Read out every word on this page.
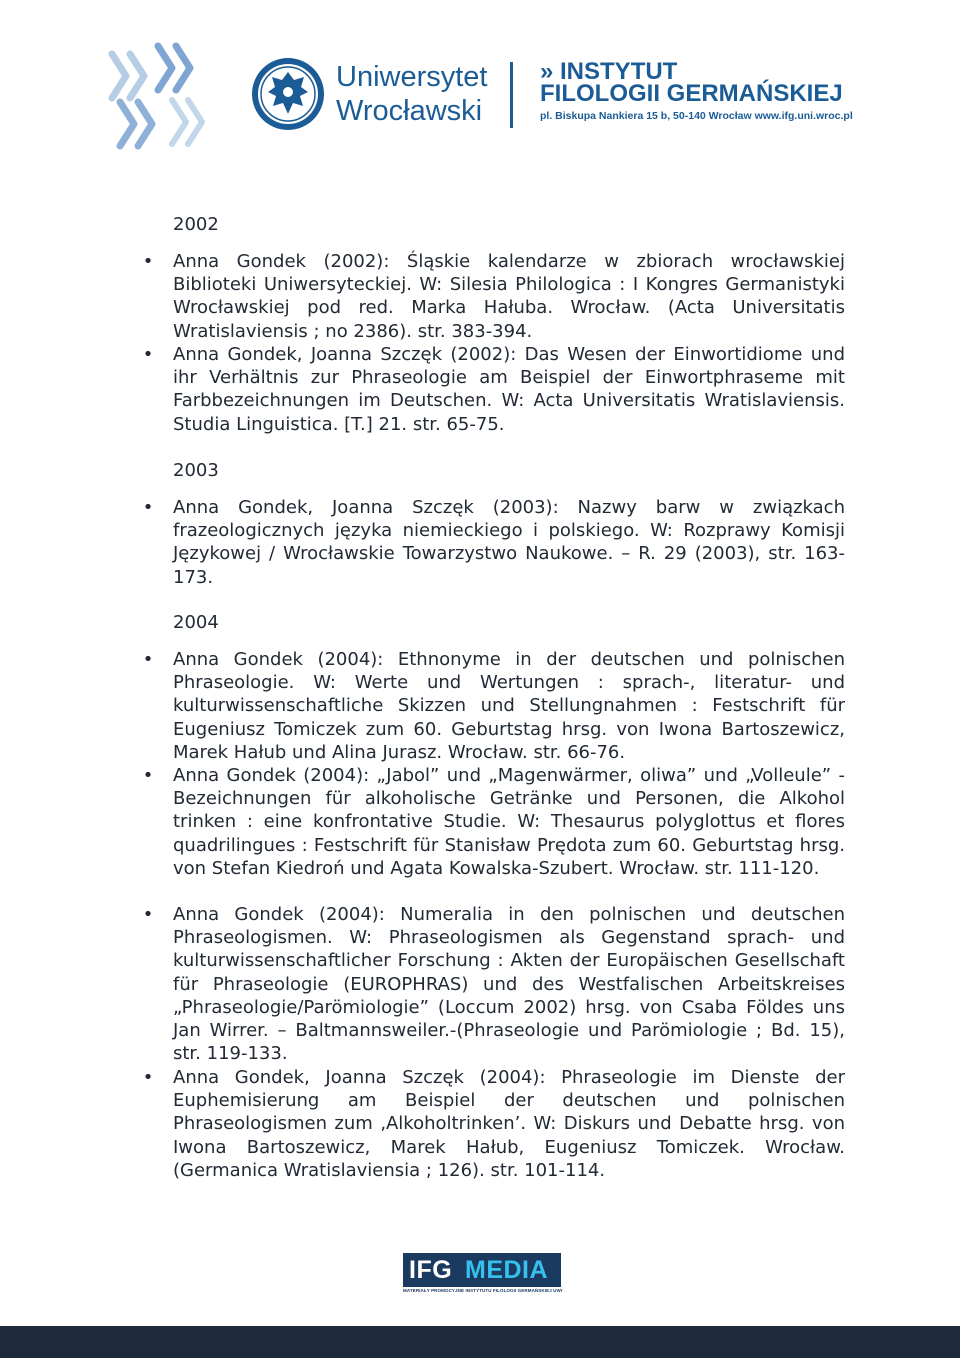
Uniwersytet
Wrocławski
» INSTYTUT
FILOLOGII GERMAŃSKIEJ
pl. Biskupa Nankiera 15 b, 50-140 Wrocław www.ifg.uni.wroc.pl
2002
• Anna Gondek (2002): Śląskie kalendarze w zbiorach wrocławskiej Biblioteki Uniwersyteckiej. W: Silesia Philologica : I Kongres Germanistyki Wrocławskiej pod red. Marka Hałuba. Wrocław. (Acta Universitatis Wratislaviensis ; no 2386). str. 383-394.
• Anna Gondek, Joanna Szczęk (2002): Das Wesen der Einwortidiome und ihr Verhältnis zur Phraseologie am Beispiel der Einwortphraseme mit Farbbezeichnungen im Deutschen. W: Acta Universitatis Wratislaviensis. Studia Linguistica. [T.] 21. str. 65-75.
2003
• Anna Gondek, Joanna Szczęk (2003): Nazwy barw w związkach frazeologicznych języka niemieckiego i polskiego. W: Rozprawy Komisji Językowej / Wrocławskie Towarzystwo Naukowe. – R. 29 (2003), str. 163-173.
2004
• Anna Gondek (2004): Ethnonyme in der deutschen und polnischen Phraseologie. W: Werte und Wertungen : sprach-, literatur- und kulturwissenschaftliche Skizzen und Stellungnahmen : Festschrift für Eugeniusz Tomiczek zum 60. Geburtstag hrsg. von Iwona Bartoszewicz, Marek Hałub und Alina Jurasz. Wrocław. str. 66-76.
• Anna Gondek (2004): „Jabol” und „Magenwärmer, oliwa” und „Volleule” - Bezeichnungen für alkoholische Getränke und Personen, die Alkohol trinken : eine konfrontative Studie. W: Thesaurus polyglottus et flores quadrilingues : Festschrift für Stanisław Prędota zum 60. Geburtstag hrsg. von Stefan Kiedroń und Agata Kowalska-Szubert. Wrocław. str. 111-120.
• Anna Gondek (2004): Numeralia in den polnischen und deutschen Phraseologismen. W: Phraseologismen als Gegenstand sprach- und kulturwissenschaftlicher Forschung : Akten der Europäischen Gesellschaft für Phraseologie (EUROPHRAS) und des Westfalischen Arbeitskreises „Phraseologie/Parömiologie” (Loccum 2002) hrsg. von Csaba Földes uns Jan Wirrer. – Baltmannsweiler.-(Phraseologie und Parömiologie ; Bd. 15), str. 119-133.
• Anna Gondek, Joanna Szczęk (2004): Phraseologie im Dienste der Euphemisierung am Beispiel der deutschen und polnischen Phraseologismen zum ‚Alkoholtrinken’. W: Diskurs und Debatte hrsg. von Iwona Bartoszewicz, Marek Hałub, Eugeniusz Tomiczek. Wrocław. (Germanica Wratislaviensia ; 126). str. 101-114.
IFG MEDIA
MATERIAŁY PROMOCYJNE INSTYTUTU FILOLOGII GERMAŃSKIEJ UWr
